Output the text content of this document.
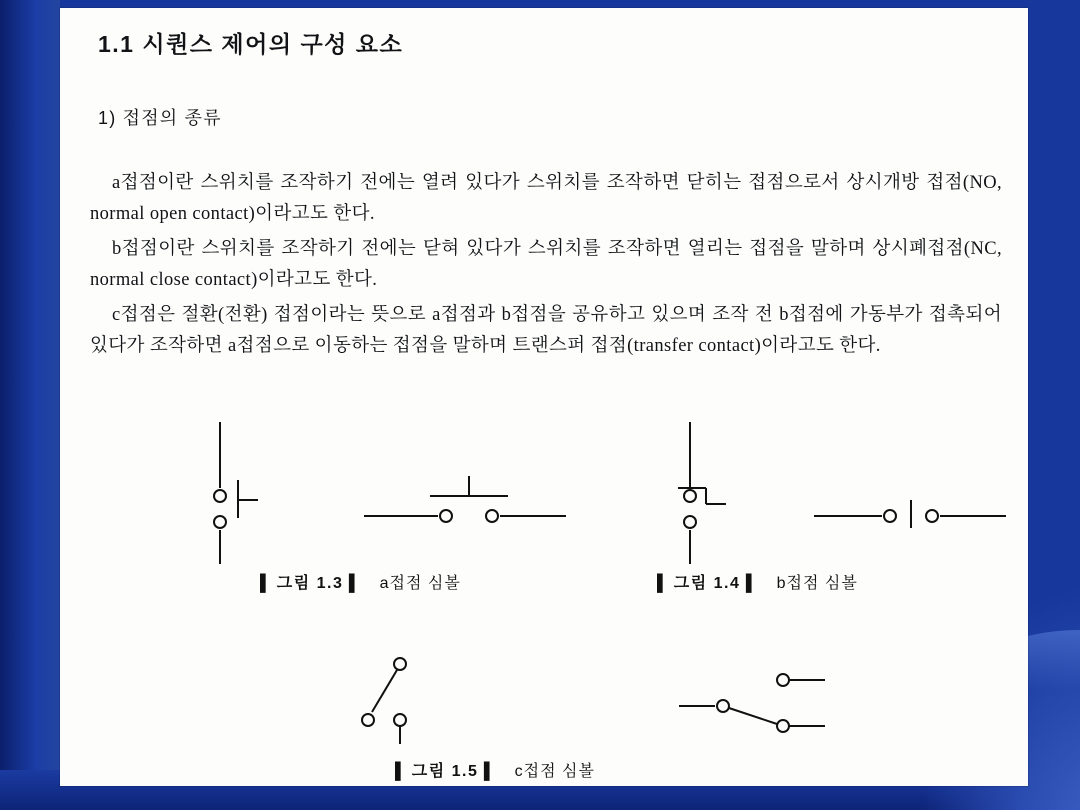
1.1 시퀀스 제어의 구성 요소
1) 접점의 종류
a접점이란 스위치를 조작하기 전에는 열려 있다가 스위치를 조작하면 닫히는 접점으로서 상시개방 접점(NO, normal open contact)이라고도 한다.
b접점이란 스위치를 조작하기 전에는 닫혀 있다가 스위치를 조작하면 열리는 접점을 말하며 상시폐접점(NC, normal close contact)이라고도 한다.
c접점은 절환(전환) 접점이라는 뜻으로 a접점과 b접점을 공유하고 있으며 조작 전 b접점에 가동부가 접촉되어 있다가 조작하면 a접점으로 이동하는 접점을 말하며 트랜스퍼 접점(transfer contact)이라고도 한다.
▌ 그림 1.3 ▌ a접점 심볼	▌ 그림 1.4 ▌ b접점 심볼
▌ 그림 1.5 ▌ c접점 심볼
